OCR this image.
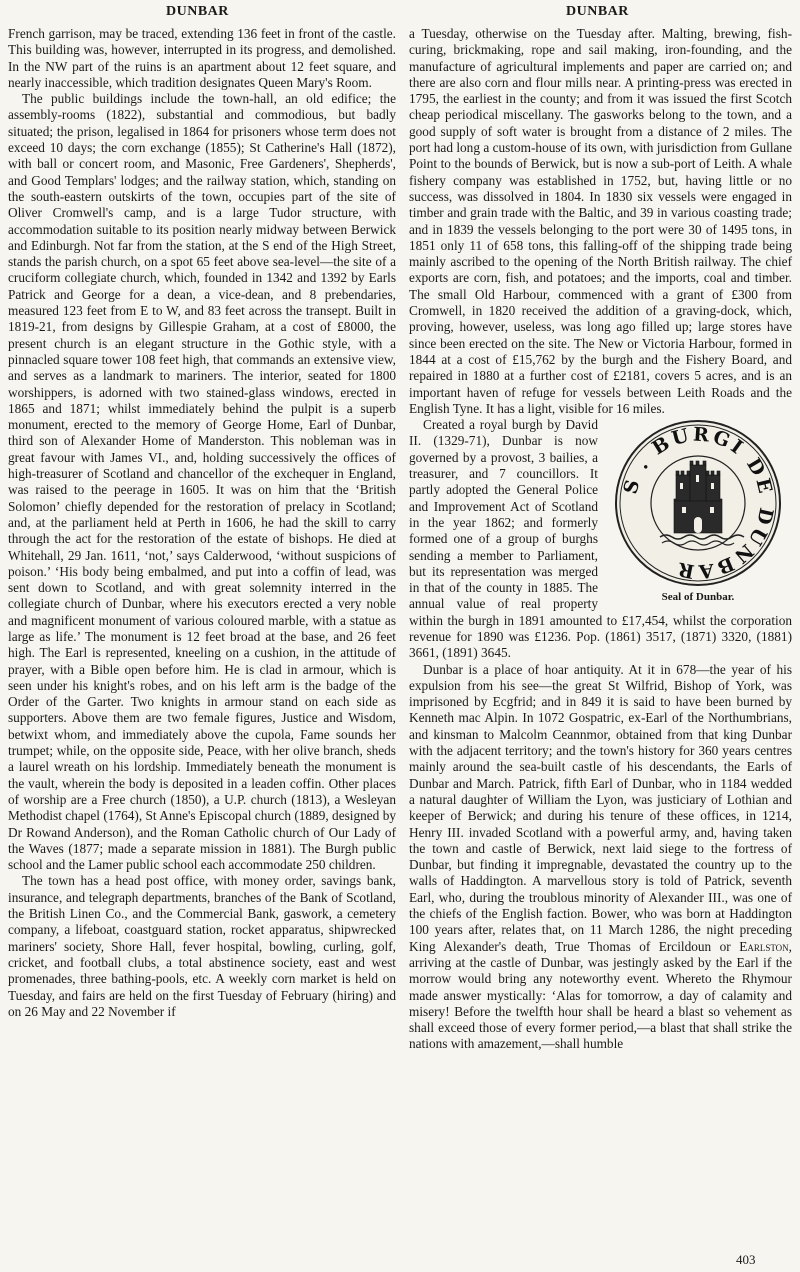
DUNBAR	DUNBAR

French garrison, may be traced, extending 136 feet in front of the castle. This building was, however, interrupted in its progress, and demolished. In the NW part of the ruins is an apartment about 12 feet square, and nearly inaccessible, which tradition designates Queen Mary's Room.

The public buildings include the town-hall, an old edifice; the assembly-rooms (1822), substantial and commodious, but badly situated; the prison, legalised in 1864 for prisoners whose term does not exceed 10 days; the corn exchange (1855); St Catherine's Hall (1872), with ball or concert room, and Masonic, Free Gardeners', Shepherds', and Good Templars' lodges; and the railway station, which, standing on the south-eastern outskirts of the town, occupies part of the site of Oliver Cromwell's camp, and is a large Tudor structure, with accommodation suitable to its position nearly midway between Berwick and Edinburgh. Not far from the station, at the S end of the High Street, stands the parish church, on a spot 65 feet above sea-level—the site of a cruciform collegiate church, which, founded in 1342 and 1392 by Earls Patrick and George for a dean, a vice-dean, and 8 prebendaries, measured 123 feet from E to W, and 83 feet across the transept. Built in 1819-21, from designs by Gillespie Graham, at a cost of £8000, the present church is an elegant structure in the Gothic style, with a pinnacled square tower 108 feet high, that commands an extensive view, and serves as a landmark to mariners. The interior, seated for 1800 worshippers, is adorned with two stained-glass windows, erected in 1865 and 1871; whilst immediately behind the pulpit is a superb monument, erected to the memory of George Home, Earl of Dunbar, third son of Alexander Home of Manderston. This nobleman was in great favour with James VI., and, holding successively the offices of high-treasurer of Scotland and chancellor of the exchequer in England, was raised to the peerage in 1605. It was on him that the ‘British Solomon’ chiefly depended for the restoration of prelacy in Scotland; and, at the parliament held at Perth in 1606, he had the skill to carry through the act for the restoration of the estate of bishops. He died at Whitehall, 29 Jan. 1611, ‘not,’ says Calderwood, ‘without suspicions of poison.’ ‘His body being embalmed, and put into a coffin of lead, was sent down to Scotland, and with great solemnity interred in the collegiate church of Dunbar, where his executors erected a very noble and magnificent monument of various coloured marble, with a statue as large as life.’ The monument is 12 feet broad at the base, and 26 feet high. The Earl is represented, kneeling on a cushion, in the attitude of prayer, with a Bible open before him. He is clad in armour, which is seen under his knight's robes, and on his left arm is the badge of the Order of the Garter. Two knights in armour stand on each side as supporters. Above them are two female figures, Justice and Wisdom, betwixt whom, and immediately above the cupola, Fame sounds her trumpet; while, on the opposite side, Peace, with her olive branch, sheds a laurel wreath on his lordship. Immediately beneath the monument is the vault, wherein the body is deposited in a leaden coffin. Other places of worship are a Free church (1850), a U.P. church (1813), a Wesleyan Methodist chapel (1764), St Anne's Episcopal church (1889, designed by Dr Rowand Anderson), and the Roman Catholic church of Our Lady of the Waves (1877; made a separate mission in 1881). The Burgh public school and the Lamer public school each accommodate 250 children.

The town has a head post office, with money order, savings bank, insurance, and telegraph departments, branches of the Bank of Scotland, the British Linen Co., and the Commercial Bank, gaswork, a cemetery company, a lifeboat, coastguard station, rocket apparatus, shipwrecked mariners' society, Shore Hall, fever hospital, bowling, curling, golf, cricket, and football clubs, a total abstinence society, east and west promenades, three bathing-pools, etc. A weekly corn market is held on Tuesday, and fairs are held on the first Tuesday of February (hiring) and on 26 May and 22 November if

a Tuesday, otherwise on the Tuesday after. Malting, brewing, fish-curing, brickmaking, rope and sail making, iron-founding, and the manufacture of agricultural implements and paper are carried on; and there are also corn and flour mills near. A printing-press was erected in 1795, the earliest in the county; and from it was issued the first Scotch cheap periodical miscellany. The gasworks belong to the town, and a good supply of soft water is brought from a distance of 2 miles. The port had long a custom-house of its own, with jurisdiction from Gullane Point to the bounds of Berwick, but is now a sub-port of Leith. A whale fishery company was established in 1752, but, having little or no success, was dissolved in 1804. In 1830 six vessels were engaged in timber and grain trade with the Baltic, and 39 in various coasting trade; and in 1839 the vessels belonging to the port were 30 of 1495 tons, in 1851 only 11 of 658 tons, this falling-off of the shipping trade being mainly ascribed to the opening of the North British railway. The chief exports are corn, fish, and potatoes; and the imports, coal and timber. The small Old Harbour, commenced with a grant of £300 from Cromwell, in 1820 received the addition of a graving-dock, which, proving, however, useless, was long ago filled up; large stores have since been erected on the site. The New or Victoria Harbour, formed in 1844 at a cost of £15,762 by the burgh and the Fishery Board, and repaired in 1880 at a further cost of £2181, covers 5 acres, and is an important haven of refuge for vessels between Leith Roads and the English Tyne. It has a light, visible for 16 miles.

S . BURGI DE DUNBAR
Seal of Dunbar.

Created a royal burgh by David II. (1329-71), Dunbar is now governed by a provost, 3 bailies, a treasurer, and 7 councillors. It partly adopted the General Police and Improvement Act of Scotland in the year 1862; and formerly formed one of a group of burghs sending a member to Parliament, but its representation was merged in that of the county in 1885. The annual value of real property within the burgh in 1891 amounted to £17,454, whilst the corporation revenue for 1890 was £1236. Pop. (1861) 3517, (1871) 3320, (1881) 3661, (1891) 3645.

Dunbar is a place of hoar antiquity. At it in 678—the year of his expulsion from his see—the great St Wilfrid, Bishop of York, was imprisoned by Ecgfrid; and in 849 it is said to have been burned by Kenneth mac Alpin. In 1072 Gospatric, ex-Earl of the Northumbrians, and kinsman to Malcolm Ceannmor, obtained from that king Dunbar with the adjacent territory; and the town's history for 360 years centres mainly around the sea-built castle of his descendants, the Earls of Dunbar and March. Patrick, fifth Earl of Dunbar, who in 1184 wedded a natural daughter of William the Lyon, was justiciary of Lothian and keeper of Berwick; and during his tenure of these offices, in 1214, Henry III. invaded Scotland with a powerful army, and, having taken the town and castle of Berwick, next laid siege to the fortress of Dunbar, but finding it impregnable, devastated the country up to the walls of Haddington. A marvellous story is told of Patrick, seventh Earl, who, during the troublous minority of Alexander III., was one of the chiefs of the English faction. Bower, who was born at Haddington 100 years after, relates that, on 11 March 1286, the night preceding King Alexander's death, True Thomas of Ercildoun or Earlston, arriving at the castle of Dunbar, was jestingly asked by the Earl if the morrow would bring any noteworthy event. Whereto the Rhymour made answer mystically: ‘Alas for tomorrow, a day of calamity and misery! Before the twelfth hour shall be heard a blast so vehement as shall exceed those of every former period,—a blast that shall strike the nations with amazement,—shall humble

403
